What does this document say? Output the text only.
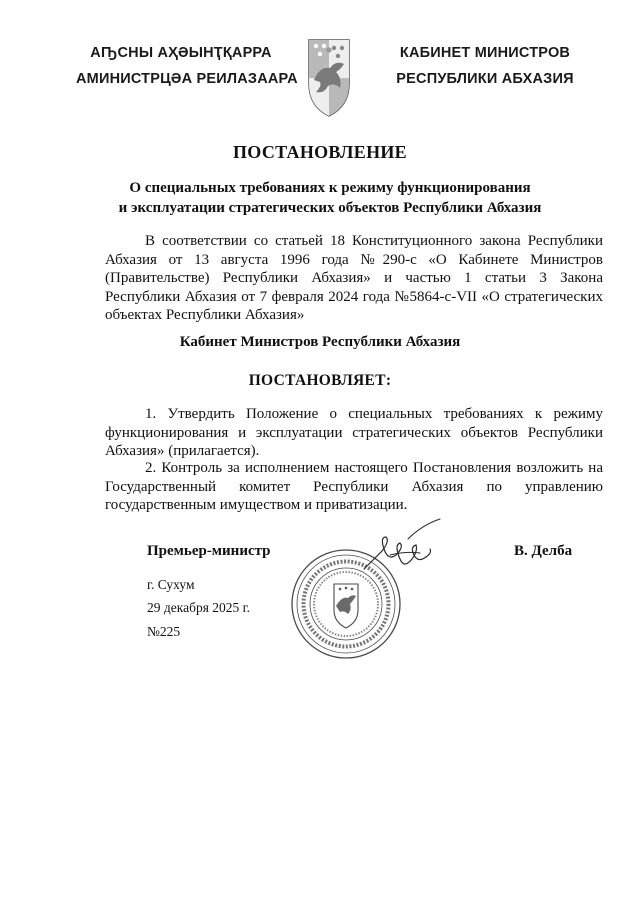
АҦСНЫ АҲӘЫНҬҚАРРА
АМИНИСТРЦӘА РЕИЛАЗААРА
КАБИНЕТ МИНИСТРОВ
РЕСПУБЛИКИ АБХАЗИЯ
ПОСТАНОВЛЕНИЕ
О специальных требованиях к режиму функционирования
и эксплуатации стратегических объектов Республики Абхазия
В соответствии со статьей 18 Конституционного закона Республики Абхазия от 13 августа 1996 года №290-с «О Кабинете Министров (Правительстве) Республики Абхазия» и частью 1 статьи 3 Закона Республики Абхазия от 7 февраля 2024 года №5864-с-VII «О стратегических объектах Республики Абхазия»
Кабинет Министров Республики Абхазия
ПОСТАНОВЛЯЕТ:
1. Утвердить Положение о специальных требованиях к режиму функционирования и эксплуатации стратегических объектов Республики Абхазия» (прилагается).
2. Контроль за исполнением настоящего Постановления возложить на Государственный комитет Республики Абхазия по управлению государственным имуществом и приватизации.
Премьер-министр	В. Делба
г. Сухум
29 декабря 2025 г.
№225
